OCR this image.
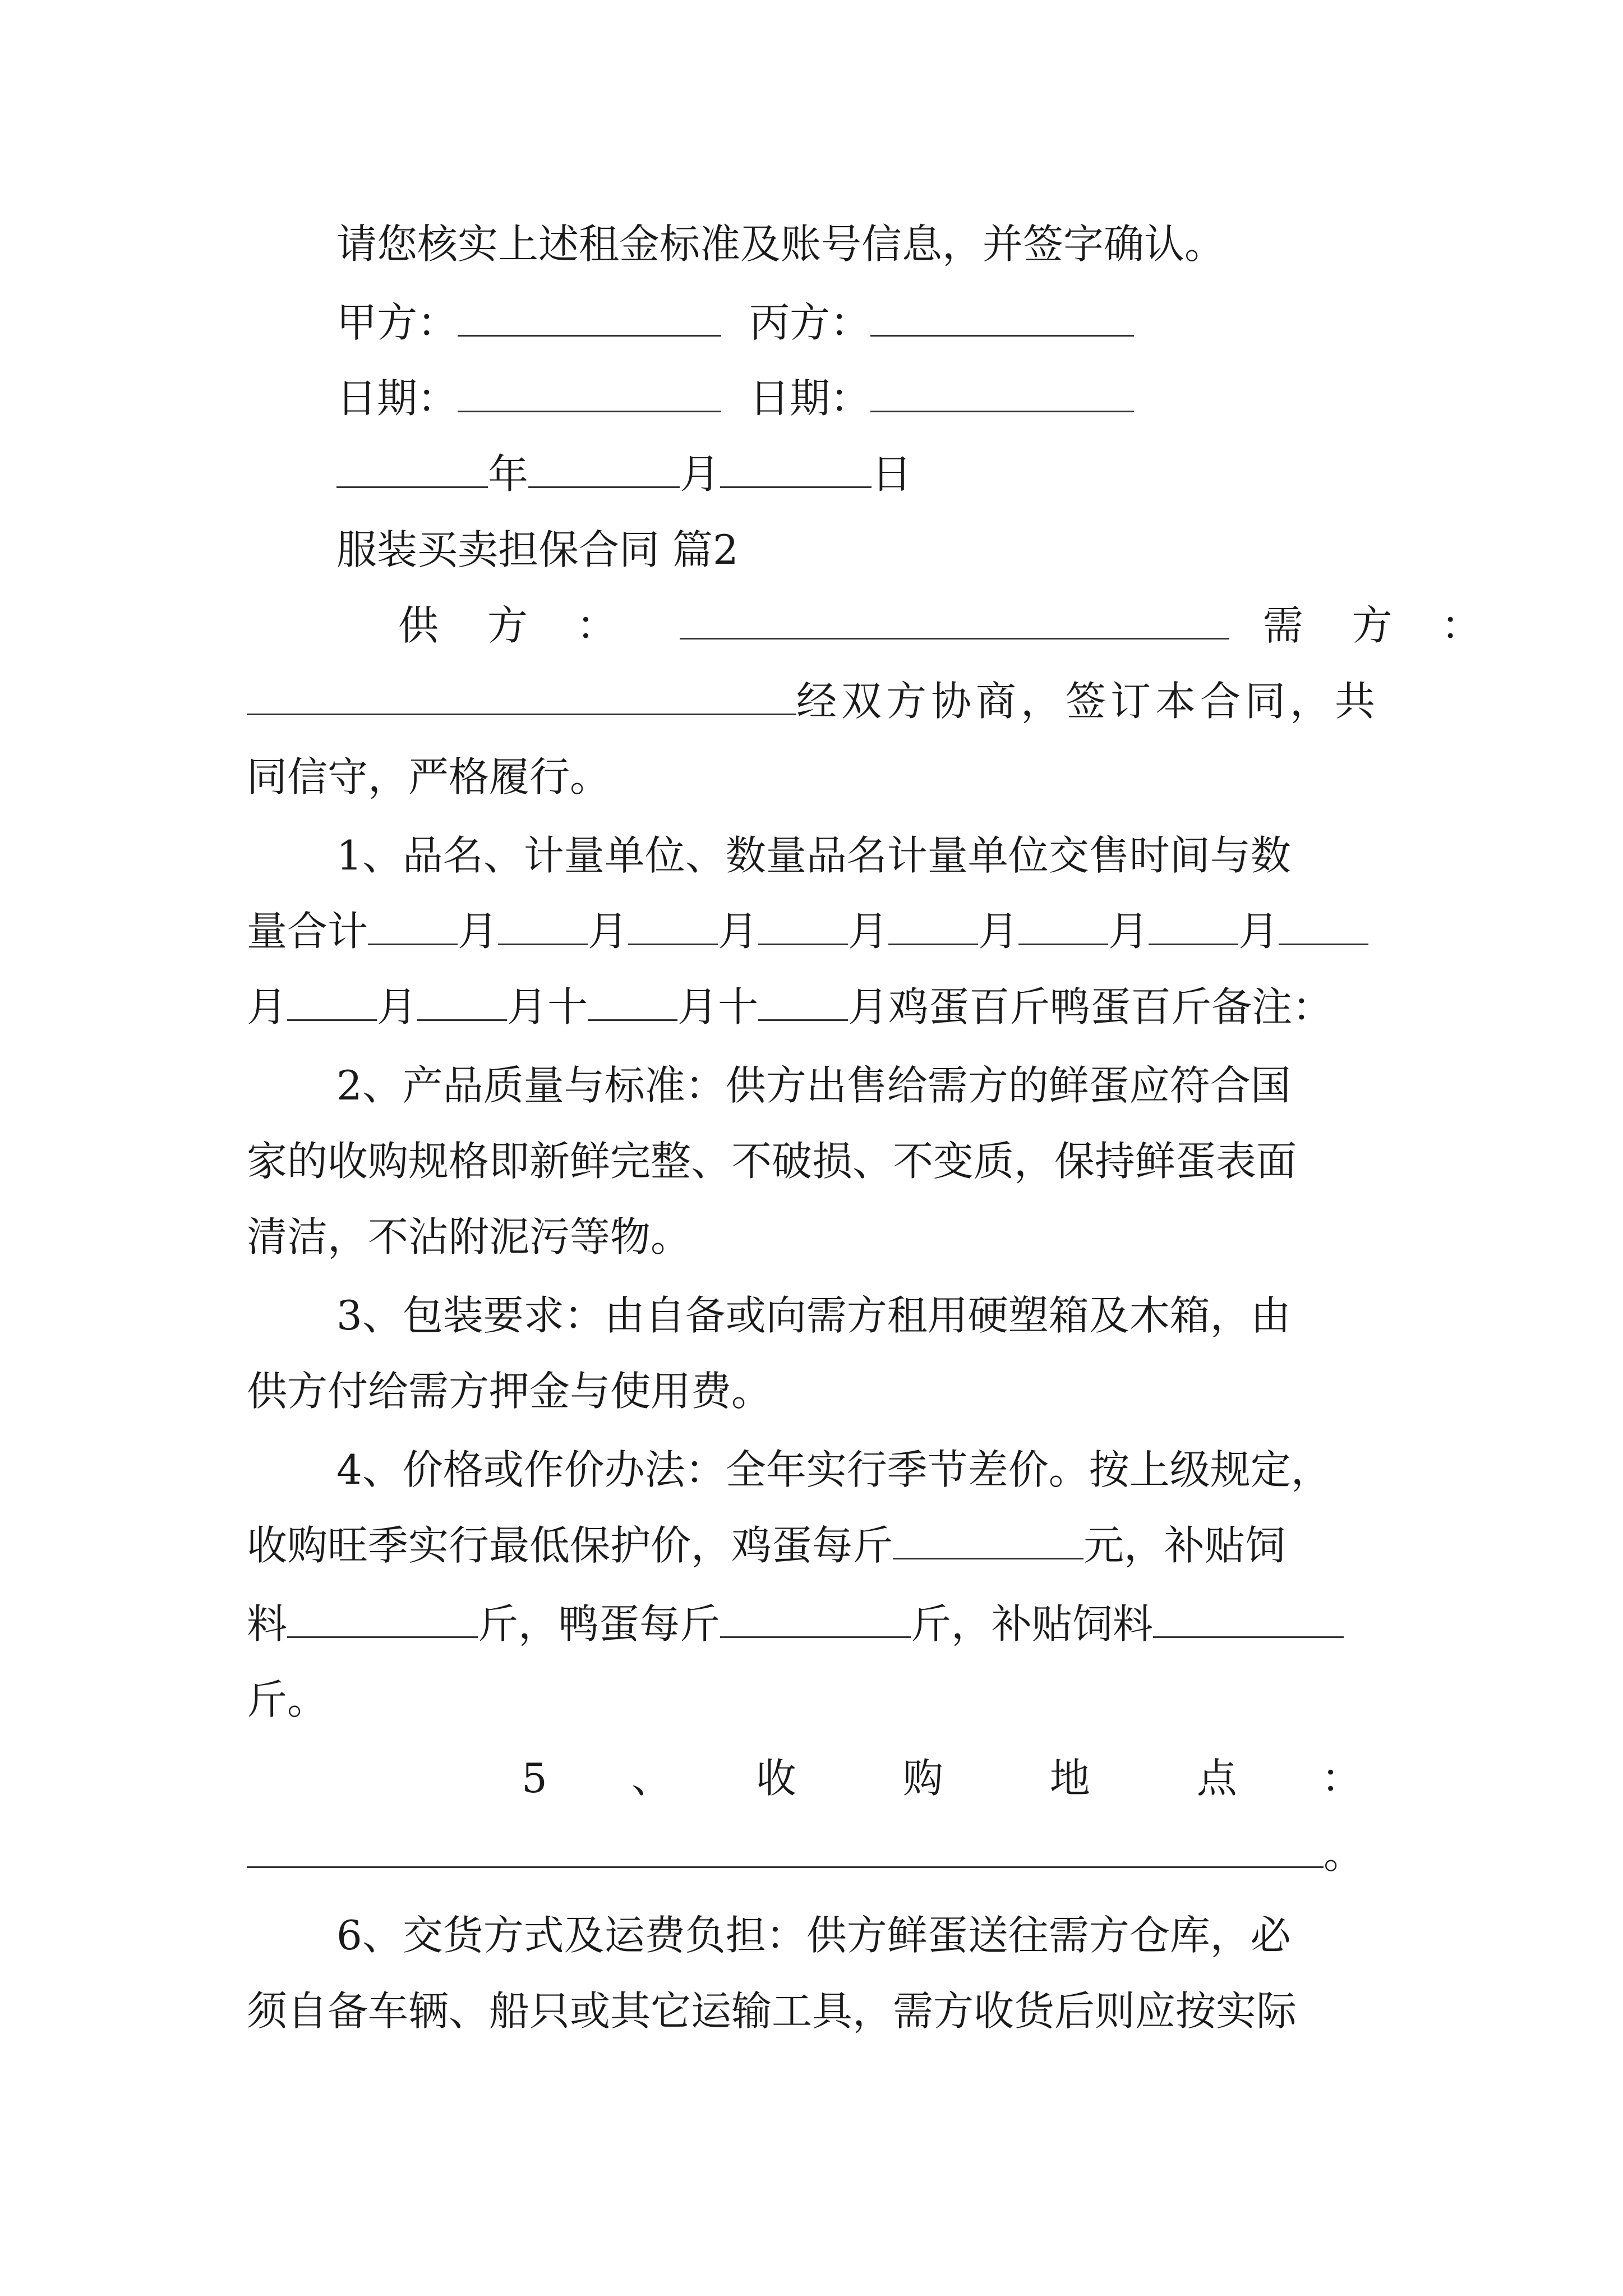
请您核实上述租金标准及账号信息，并签字确认。
甲方：	丙方：
日期：	日期：
年	月	日
服装买卖担保合同 篇2
供 方 ：	需 方 ：
经双方协商，签订本合同，共
同信守，严格履行。
1、品名、计量单位、数量品名计量单位交售时间与数
量合计 月 月 月 月 月 月 月
月 月 月十 月十 月鸡蛋百斤鸭蛋百斤备注：
2、产品质量与标准：供方出售给需方的鲜蛋应符合国
家的收购规格即新鲜完整、不破损、不变质，保持鲜蛋表面
清洁，不沾附泥污等物。
3、包装要求：由自备或向需方租用硬塑箱及木箱，由
供方付给需方押金与使用费。
4、价格或作价办法：全年实行季节差价。按上级规定，
收购旺季实行最低保护价，鸡蛋每斤	元，补贴饲
料	斤，鸭蛋每斤	斤，补贴饲料
斤。
5 、 收	购	地	点 ：
。
6、交货方式及运费负担：供方鲜蛋送往需方仓库，必
须自备车辆、船只或其它运输工具，需方收货后则应按实际
